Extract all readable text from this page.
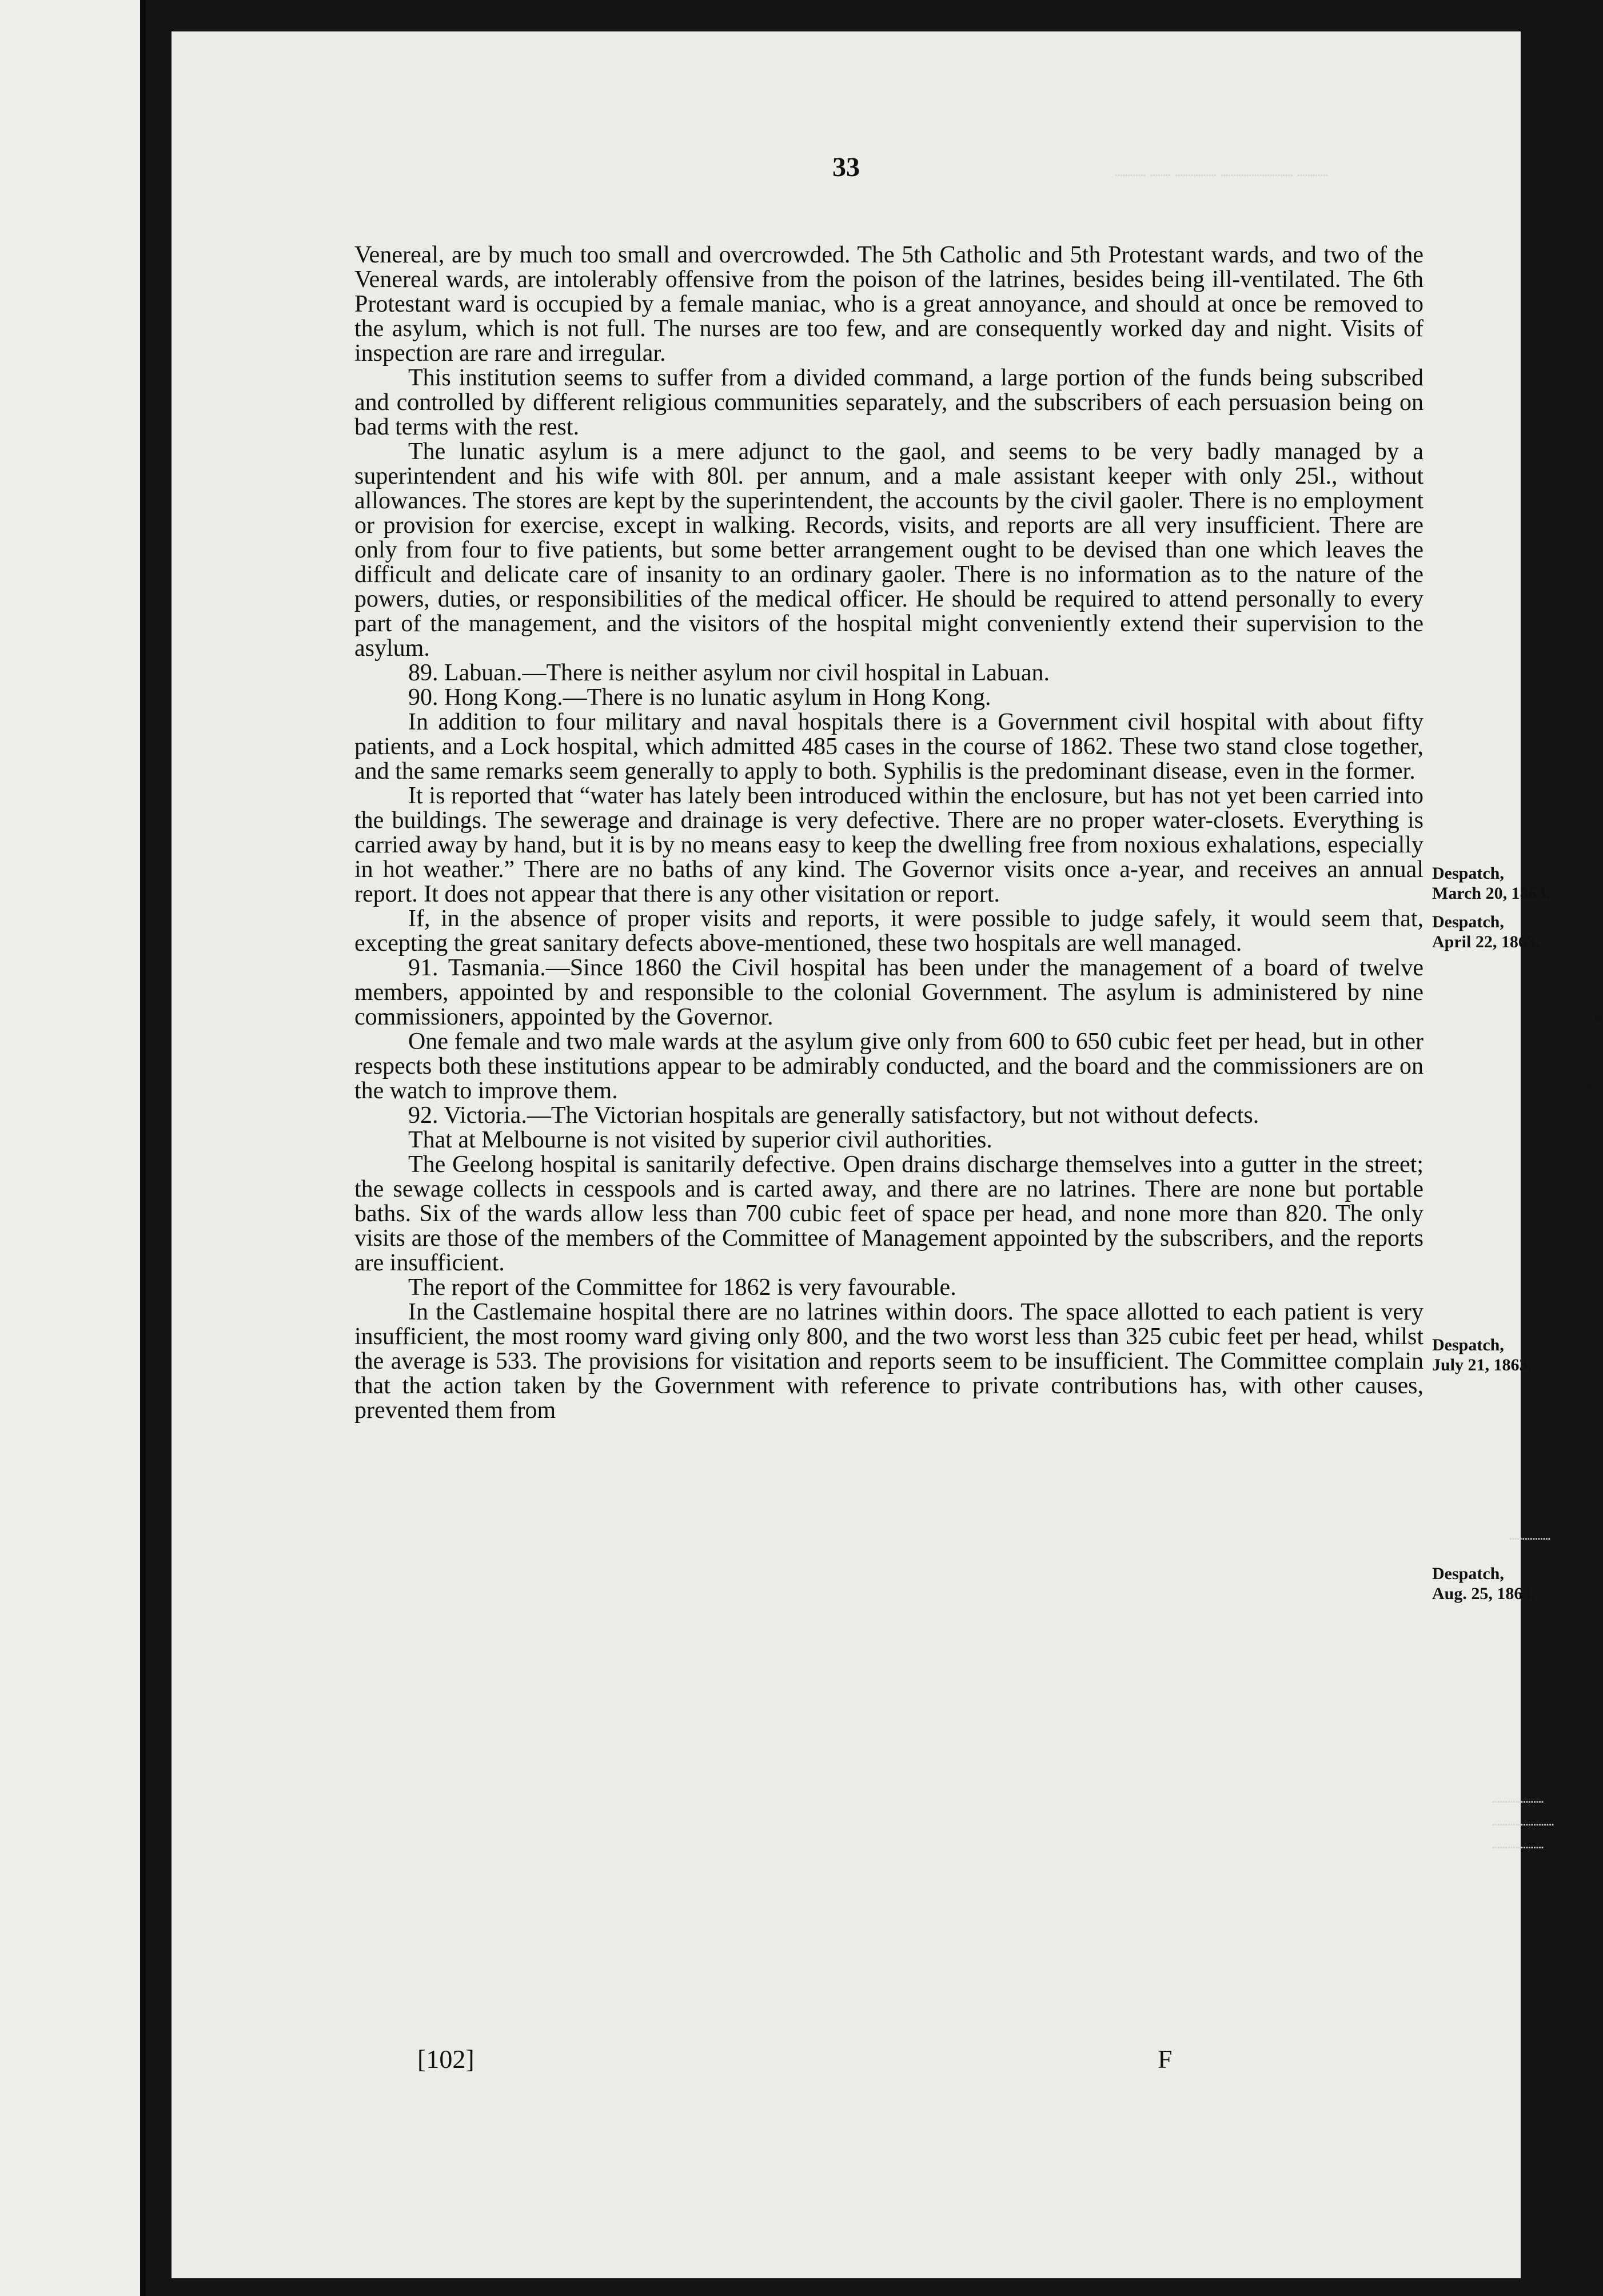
┈┈┈ ┈┈ ┈┈┈┈ ┈┈┈┈┈┈┈ ┈┈┈
┈┈┈┈
┈┈┈┈┈
┈┈┈┈┈┈
┈┈┈┈┈
33

Venereal, are by much too small and overcrowded. The 5th Catholic and 5th Protestant wards, and two of the Venereal wards, are intolerably offensive from the poison of the latrines, besides being ill-ventilated. The 6th Protestant ward is occupied by a female maniac, who is a great annoyance, and should at once be removed to the asylum, which is not full. The nurses are too few, and are consequently worked day and night. Visits of inspection are rare and irregular.

This institution seems to suffer from a divided command, a large portion of the funds being subscribed and controlled by different religious communities separately, and the subscribers of each persuasion being on bad terms with the rest.

The lunatic asylum is a mere adjunct to the gaol, and seems to be very badly managed by a superintendent and his wife with 80l. per annum, and a male assistant keeper with only 25l., without allowances. The stores are kept by the superintendent, the accounts by the civil gaoler. There is no employment or provision for exercise, except in walking. Records, visits, and reports are all very insufficient. There are only from four to five patients, but some better arrangement ought to be devised than one which leaves the difficult and delicate care of insanity to an ordinary gaoler. There is no information as to the nature of the powers, duties, or responsibilities of the medical officer. He should be required to attend personally to every part of the management, and the visitors of the hospital might conveniently extend their supervision to the asylum.

89. Labuan.—There is neither asylum nor civil hospital in Labuan.

90. Hong Kong.—There is no lunatic asylum in Hong Kong.

In addition to four military and naval hospitals there is a Government civil hospital with about fifty patients, and a Lock hospital, which admitted 485 cases in the course of 1862. These two stand close together, and the same remarks seem generally to apply to both. Syphilis is the predominant disease, even in the former.

It is reported that “water has lately been introduced within the enclosure, but has not yet been carried into the buildings. The sewerage and drainage is very defective. There are no proper water-closets. Everything is carried away by hand, but it is by no means easy to keep the dwelling free from noxious exhalations, especially in hot weather.” There are no baths of any kind. The Governor visits once a-year, and receives an annual report. It does not appear that there is any other visitation or report.

If, in the absence of proper visits and reports, it were possible to judge safely, it would seem that, excepting the great sanitary defects above-mentioned, these two hospitals are well managed.

91. Tasmania.—Since 1860 the Civil hospital has been under the management of a board of twelve members, appointed by and responsible to the colonial Government. The asylum is administered by nine commissioners, appointed by the Governor.

One female and two male wards at the asylum give only from 600 to 650 cubic feet per head, but in other respects both these institutions appear to be admirably conducted, and the board and the commissioners are on the watch to improve them.

92. Victoria.—The Victorian hospitals are generally satisfactory, but not without defects.

That at Melbourne is not visited by superior civil authorities.

The Geelong hospital is sanitarily defective. Open drains discharge themselves into a gutter in the street; the sewage collects in cesspools and is carted away, and there are no latrines. There are none but portable baths. Six of the wards allow less than 700 cubic feet of space per head, and none more than 820. The only visits are those of the members of the Committee of Management appointed by the subscribers, and the reports are insufficient.

The report of the Committee for 1862 is very favourable.

In the Castlemaine hospital there are no latrines within doors. The space allotted to each patient is very insufficient, the most roomy ward giving only 800, and the two worst less than 325 cubic feet per head, whilst the average is 533. The provisions for visitation and reports seem to be insufficient. The Committee complain that the action taken by the Government with reference to private contributions has, with other causes, prevented them from

Despatch,
March 20, 1863.
Despatch,
April 22, 1863.
Despatch,
July 21, 1863.
Despatch,
Aug. 25, 1863.
[102]	F
